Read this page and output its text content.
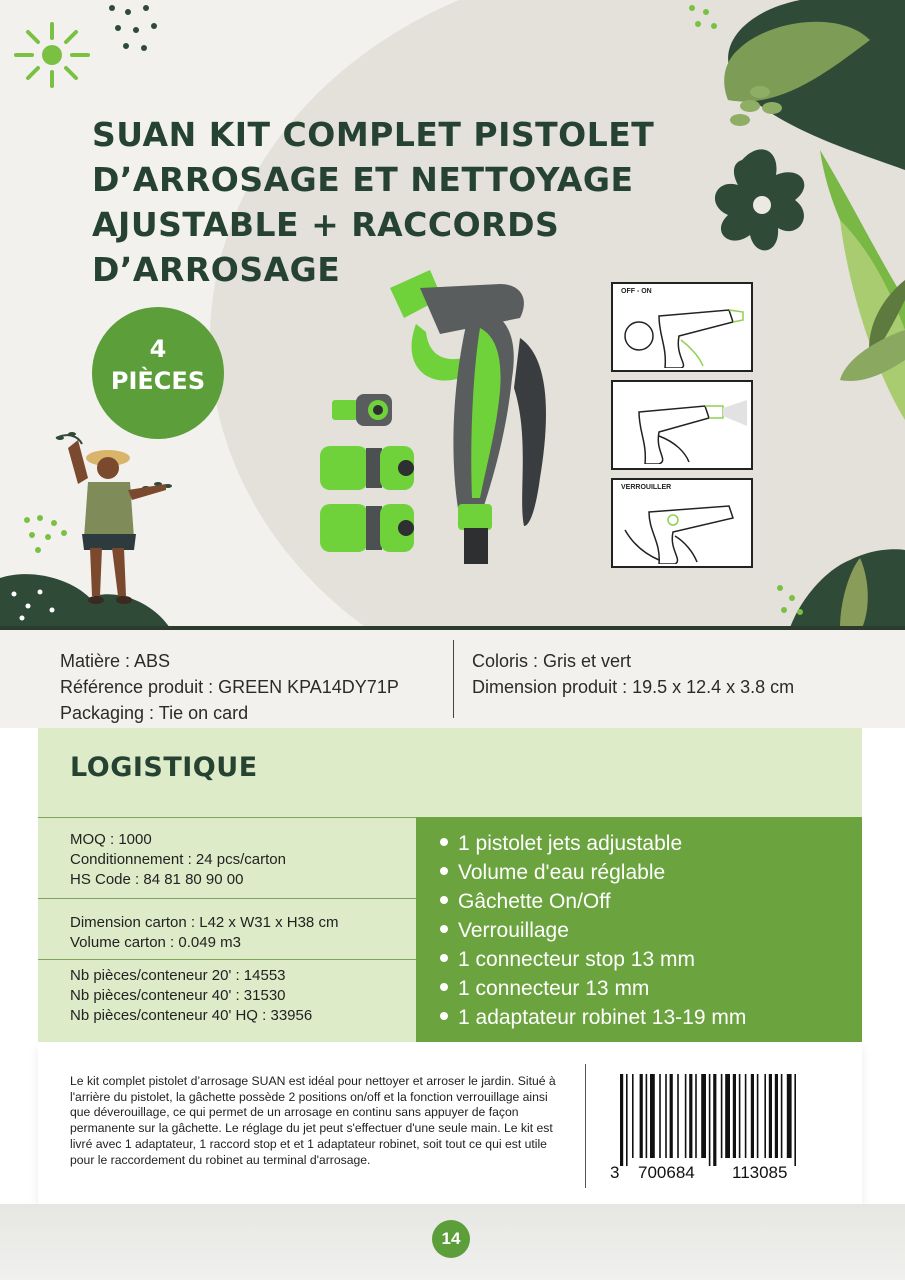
SUAN KIT COMPLET PISTOLET D’ARROSAGE ET NETTOYAGE AJUSTABLE + RACCORDS D’ARROSAGE
4
PIÈCES
OFF - ON
VERROUILLER
Matière : ABS
Référence produit : GREEN KPA14DY71P
Packaging : Tie on card
Coloris : Gris et vert
Dimension produit : 19.5 x 12.4 x 3.8 cm
LOGISTIQUE
MOQ : 1000
Conditionnement : 24 pcs/carton
HS Code : 84 81 80 90 00
Dimension carton : L42 x W31 x H38 cm
Volume carton : 0.049 m3
Nb pièces/conteneur 20' : 14553
Nb pièces/conteneur 40' : 31530
Nb pièces/conteneur 40' HQ : 33956
1 pistolet jets adjustable
Volume d'eau réglable
Gâchette On/Off
Verrouillage
1 connecteur stop 13 mm
1 connecteur 13 mm
1 adaptateur robinet 13-19 mm

Le kit complet pistolet d’arrosage SUAN est idéal pour nettoyer et arroser le jardin. Situé à l'arrière du pistolet, la gâchette possède 2 positions on/off et la fonction verrouillage ainsi que déverouillage, ce qui permet de un arrosage en continu sans appuyer de façon permanente sur la gâchette. Le réglage du jet peut s'effectuer d'une seule main. Le kit est livré avec 1 adaptateur, 1 raccord stop et et 1 adaptateur robinet, soit tout ce qui est utile pour le raccordement du robinet au terminal d'arrosage.

3 700684 113085
14
